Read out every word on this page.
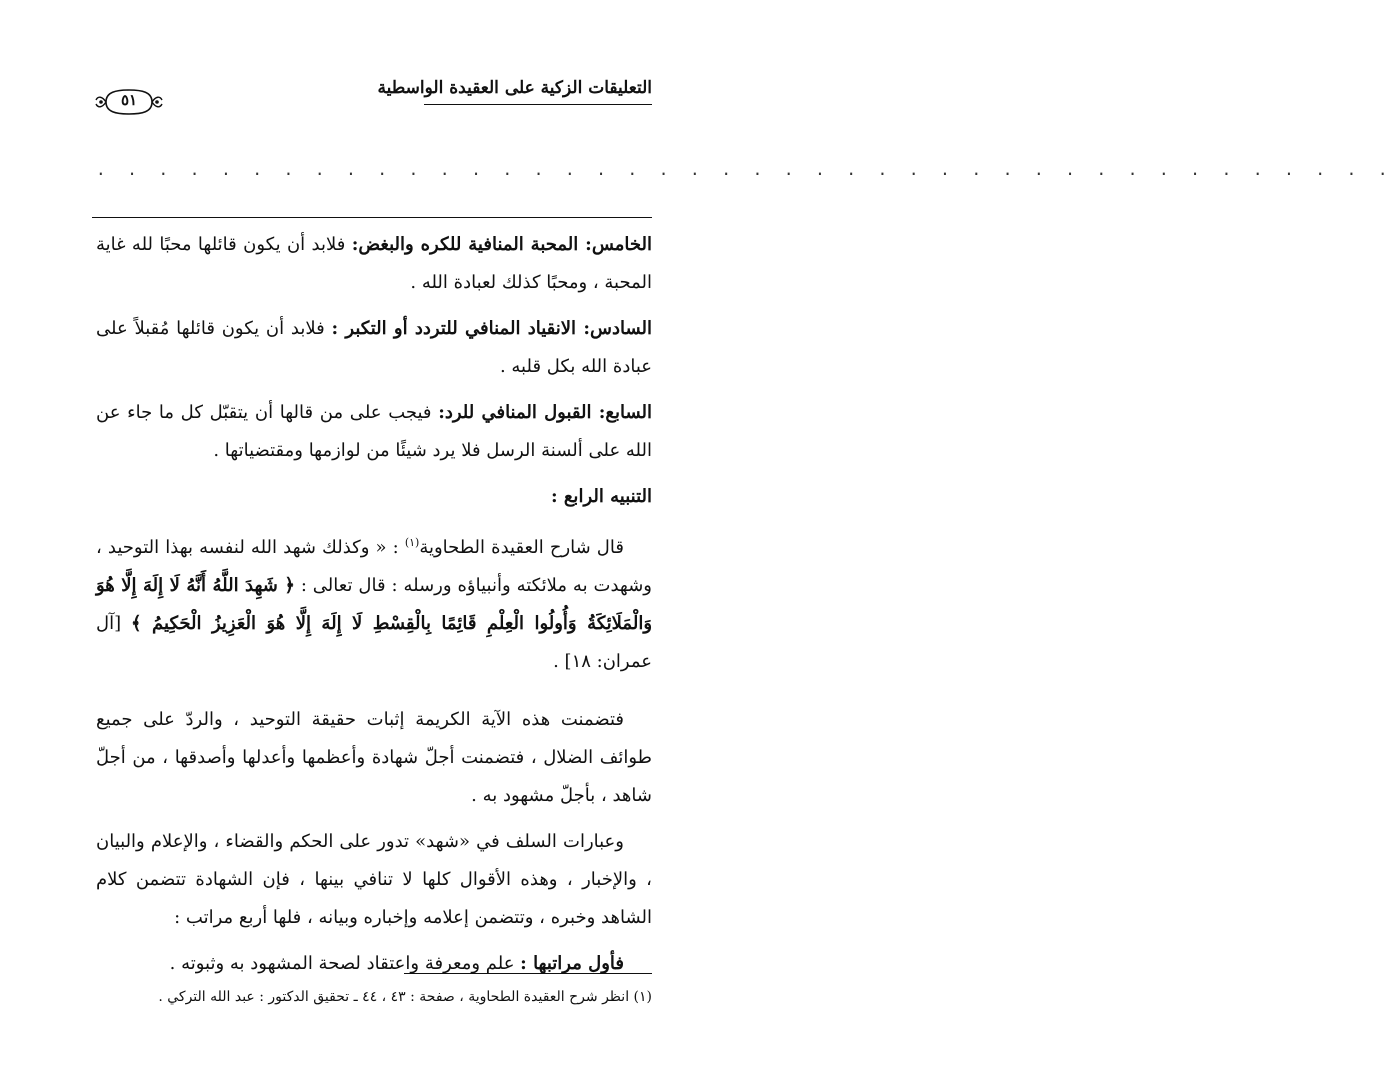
التعليقات الزكية على العقيدة الواسطية
٥١
. . . . . . . . . . . . . . . . . . . . . . . . . . . . . . . . . . . . . . . . . .

الخامس: المحبة المنافية للكره والبغض: فلابد أن يكون قائلها محبًا لله غاية المحبة ، ومحبًا كذلك لعبادة الله .

السادس: الانقياد المنافي للتردد أو التكبر : فلابد أن يكون قائلها مُقبلاً على عبادة الله بكل قلبه .

السابع: القبول المنافي للرد: فيجب على من قالها أن يتقبّل كل ما جاء عن الله على ألسنة الرسل فلا يرد شيئًا من لوازمها ومقتضياتها .

التنبيه الرابع :

قال شارح العقيدة الطحاوية$^{(١)}$ : « وكذلك شهد الله لنفسه بهذا التوحيد ، وشهدت به ملائكته وأنبياؤه ورسله : قال تعالى : ﴿ شَهِدَ اللَّهُ أَنَّهُ لَا إِلَهَ إِلَّا هُوَ وَالْمَلَائِكَةُ وَأُولُوا الْعِلْمِ قَائِمًا بِالْقِسْطِ لَا إِلَهَ إِلَّا هُوَ الْعَزِيزُ الْحَكِيمُ ﴾ [آل عمران: ١٨] .

فتضمنت هذه الآية الكريمة إثبات حقيقة التوحيد ، والردّ على جميع طوائف الضلال ، فتضمنت أجلّ شهادة وأعظمها وأعدلها وأصدقها ، من أجلّ شاهد ، بأجلّ مشهود به .

وعبارات السلف في «شهد» تدور على الحكم والقضاء ، والإعلام والبيان ، والإخبار ، وهذه الأقوال كلها لا تنافي بينها ، فإن الشهادة تتضمن كلام الشاهد وخبره ، وتتضمن إعلامه وإخباره وبيانه ، فلها أربع مراتب :

فأول مراتبها : علم ومعرفة واعتقاد لصحة المشهود به وثبوته .

(١) انظر شرح العقيدة الطحاوية ، صفحة : ٤٣ ، ٤٤ ـ تحقيق الدكتور : عبد الله التركي .
